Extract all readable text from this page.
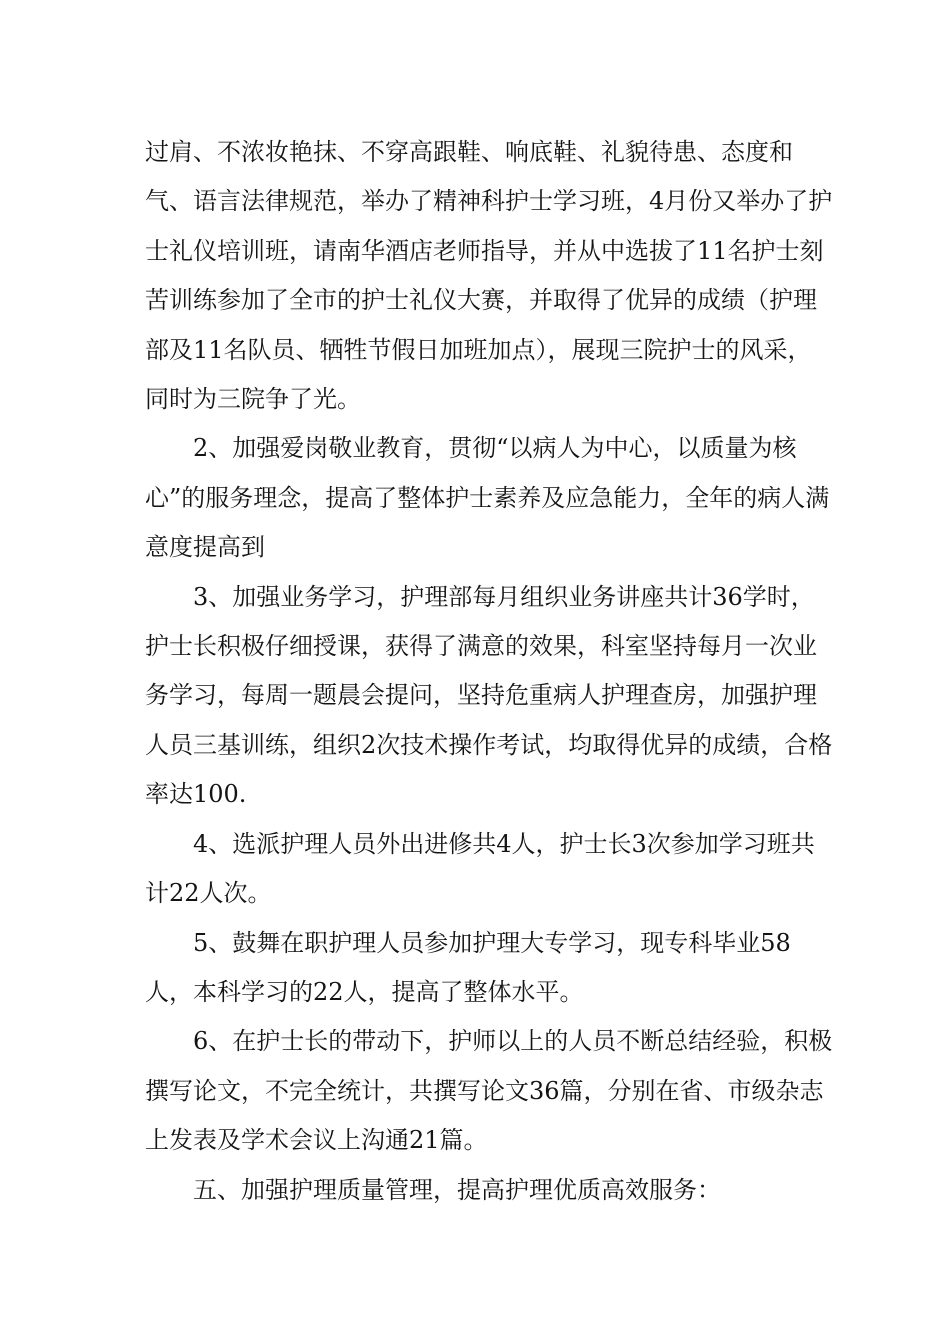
过肩、不浓妆艳抹、不穿高跟鞋、响底鞋、礼貌待患、态度和气、语言法律规范，举办了精神科护士学习班，4月份又举办了护士礼仪培训班，请南华酒店老师指导，并从中选拔了11名护士刻苦训练参加了全市的护士礼仪大赛，并取得了优异的成绩（护理部及11名队员、牺牲节假日加班加点），展现三院护士的风采，同时为三院争了光。

2、加强爱岗敬业教育，贯彻“以病人为中心，以质量为核心”的服务理念，提高了整体护士素养及应急能力，全年的病人满意度提高到

3、加强业务学习，护理部每月组织业务讲座共计36学时，护士长积极仔细授课，获得了满意的效果，科室坚持每月一次业务学习，每周一题晨会提问，坚持危重病人护理查房，加强护理人员三基训练，组织2次技术操作考试，均取得优异的成绩，合格率达100.

4、选派护理人员外出进修共4人，护士长3次参加学习班共计22人次。

5、鼓舞在职护理人员参加护理大专学习，现专科毕业58人，本科学习的22人，提高了整体水平。

6、在护士长的带动下，护师以上的人员不断总结经验，积极撰写论文，不完全统计，共撰写论文36篇，分别在省、市级杂志上发表及学术会议上沟通21篇。

五、加强护理质量管理，提高护理优质高效服务：
